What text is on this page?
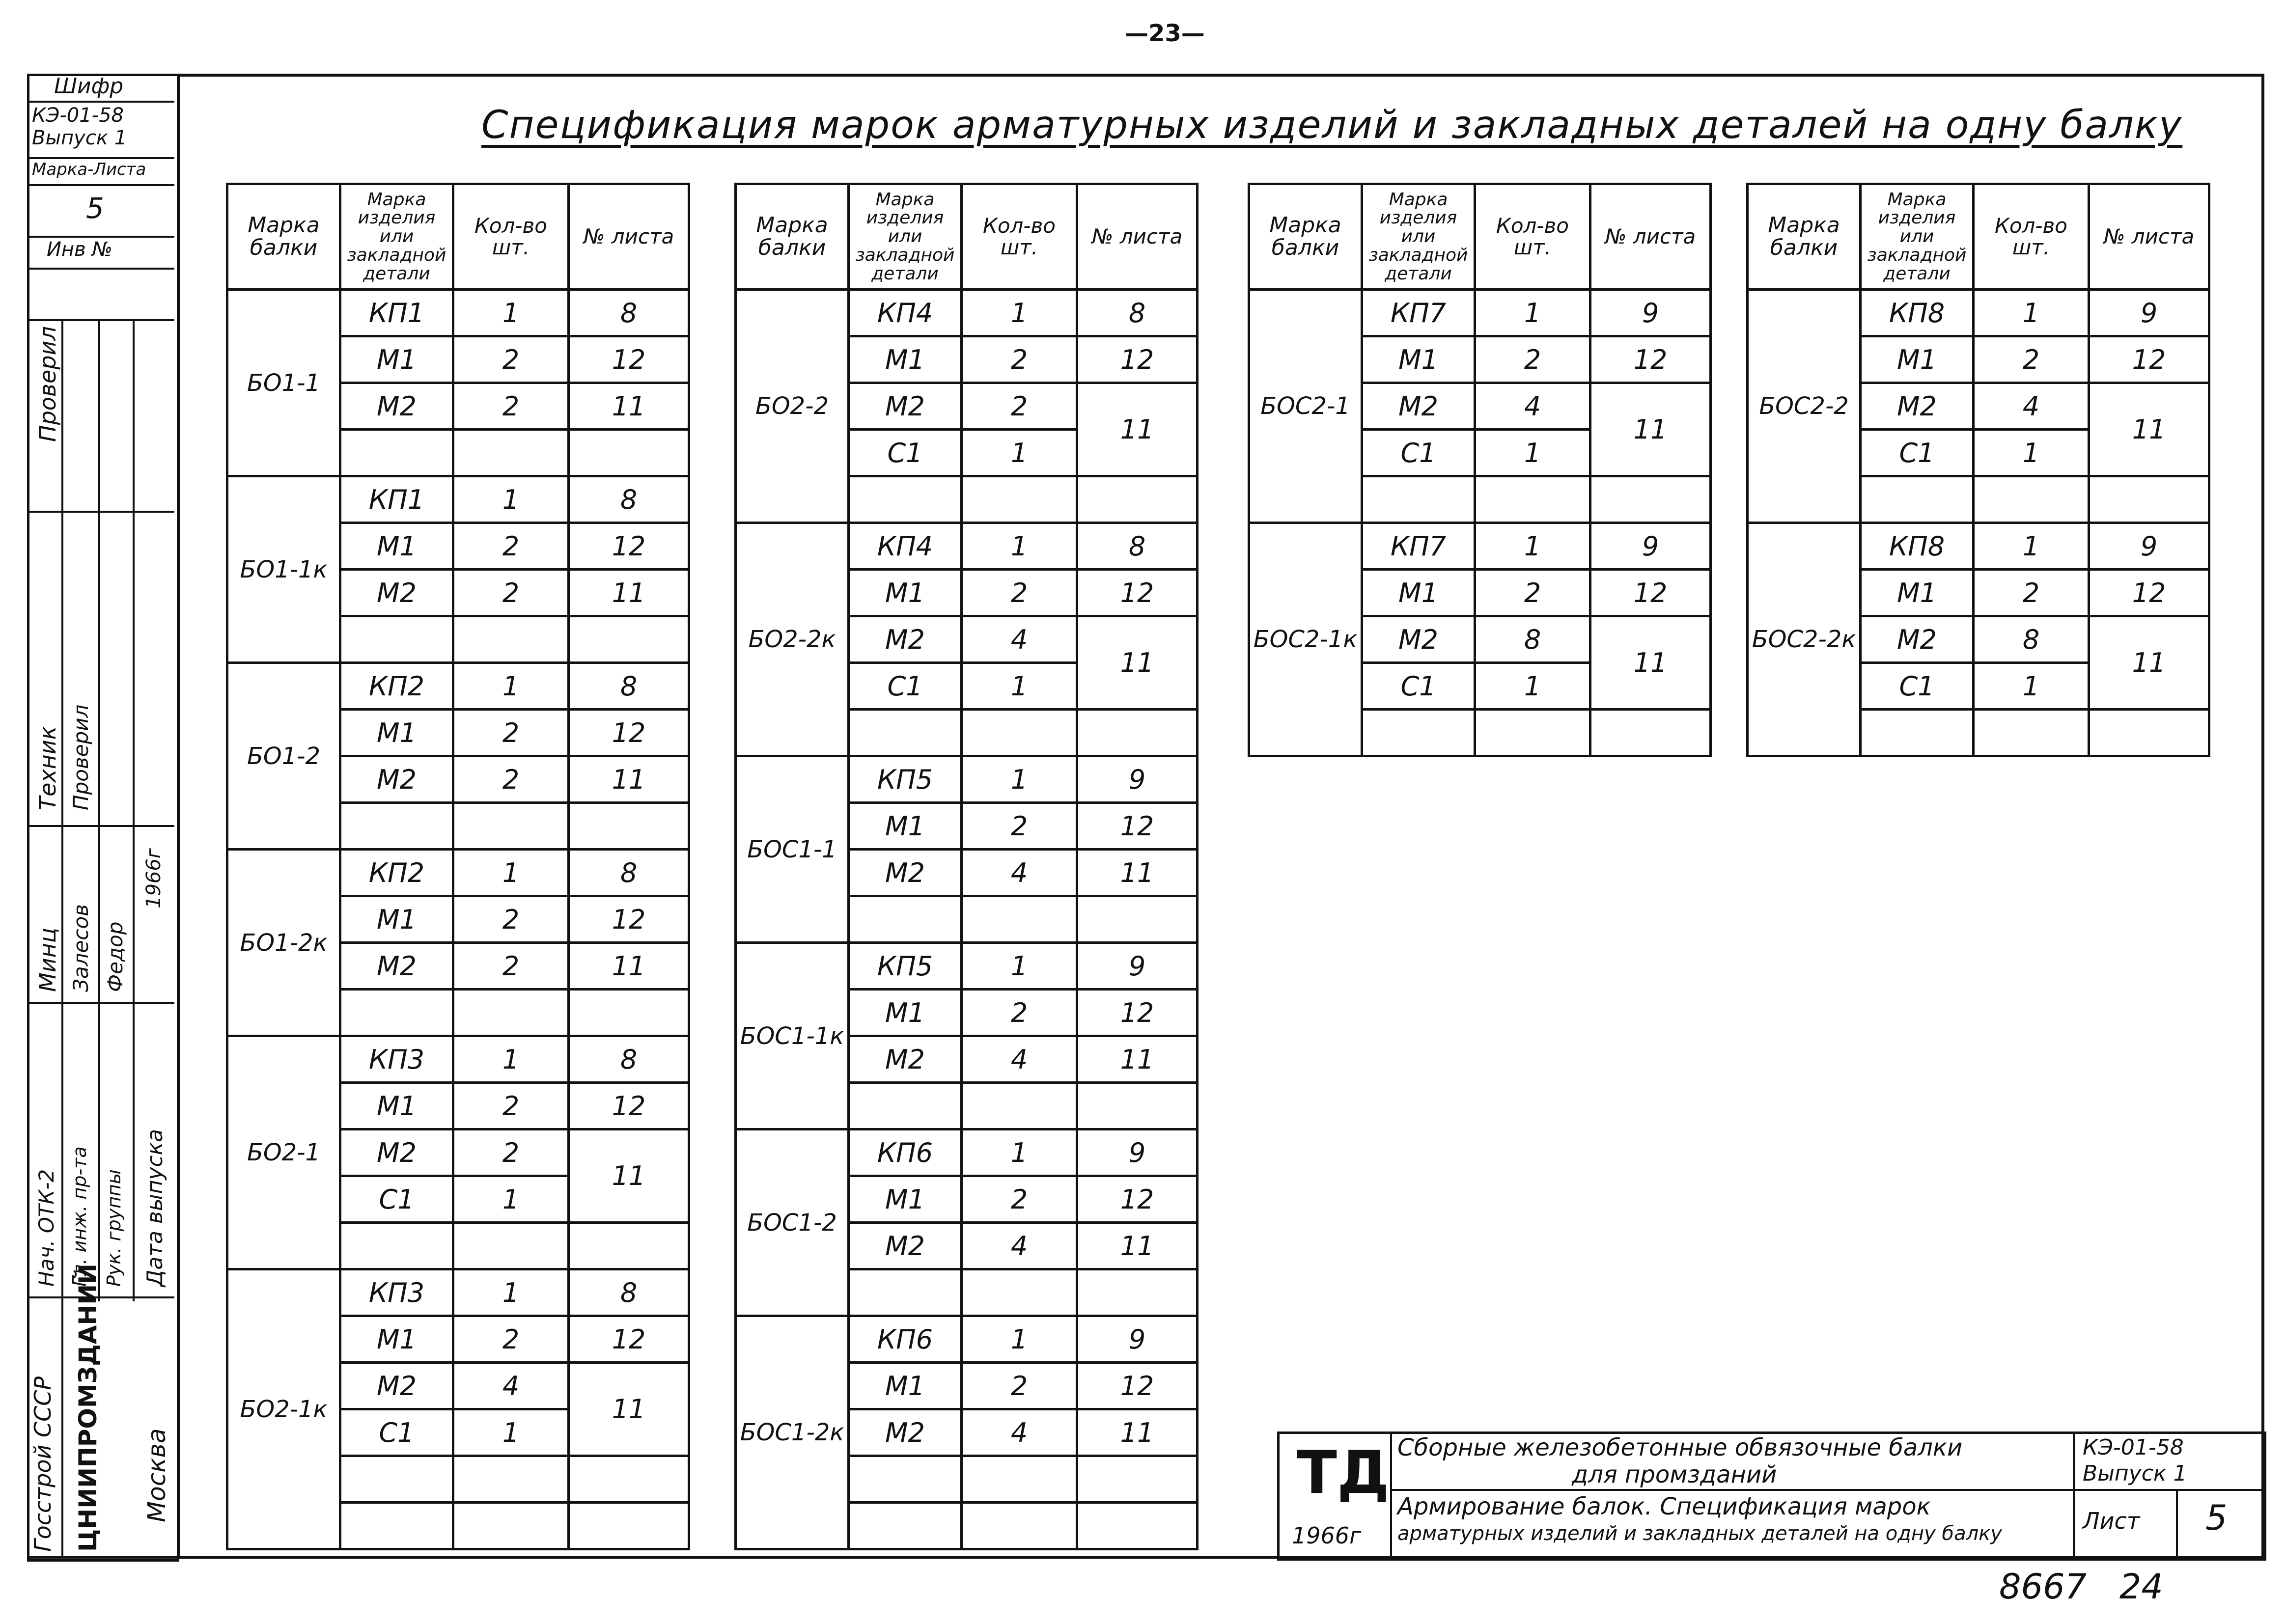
—23—
Спецификация марок арматурных изделий и закладных деталей на одну балку
Шифр
КЭ-01-58
Выпуск 1
Марка-Листа
5
Инв №
Проверил
Техник Проверил
Минц Залесов Федор
1966г
Нач. ОТК-2 Гл. инж. пр-та Рук. группы Дата выпуска
Госстрой СССР ЦНИИПРОМЗДАНИЙ Москва
Марка балки	Марка изделия или закладной детали	Кол-во шт.	№ листа
БО1-1	КП1	1	8
	М1	2	12
	М2	2	11

БО1-1к	КП1	1	8
	М1	2	12
	М2	2	11

БО1-2	КП2	1	8
	М1	2	12
	М2	2	11

БО1-2к	КП2	1	8
	М1	2	12
	М2	2	11

БО2-1	КП3	1	8
	М1	2	12
	М2	2	11
	С1	1	

БО2-1к	КП3	1	8
	М1	2	12
	М2	4	11
	С1	1	

Марка балки	Марка изделия или закладной детали	Кол-во шт.	№ листа
БО2-2	КП4	1	8
	М1	2	12
	М2	2	11
	С1	1	

БО2-2к	КП4	1	8
	М1	2	12
	М2	4	11
	С1	1	

БОС1-1	КП5	1	9
	М1	2	12
	М2	4	11

БОС1-1к	КП5	1	9
	М1	2	12
	М2	4	11

БОС1-2	КП6	1	9
	М1	2	12
	М2	4	11

БОС1-2к	КП6	1	9
	М1	2	12
	М2	4	11

Марка балки	Марка изделия или закладной детали	Кол-во шт.	№ листа
БОС2-1	КП7	1	9
	М1	2	12
	М2	4	11
	С1	1	

БОС2-1к	КП7	1	9
	М1	2	12
	М2	8	11
	С1	1	

Марка балки	Марка изделия или закладной детали	Кол-во шт.	№ листа
БОС2-2	КП8	1	9
	М1	2	12
	М2	4	11
	С1	1	

БОС2-2к	КП8	1	9
	М1	2	12
	М2	8	11
	С1	1	

ТД
1966г
Сборные железобетонные обвязочные балки
для промзданий
Армирование балок. Спецификация марок
арматурных изделий и закладных деталей на одну балку
КЭ-01-58
Выпуск 1
Лист 5
8667   24
